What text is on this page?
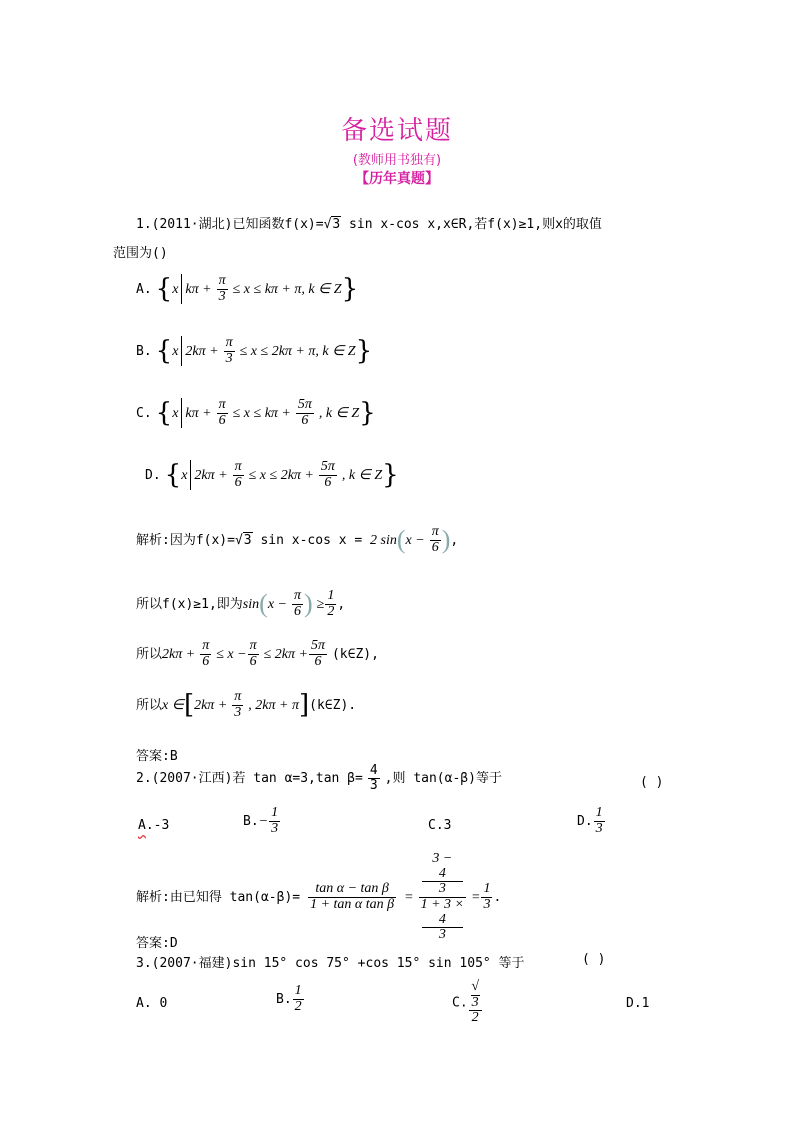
备选试题
(教师用书独有)
【历年真题】
1.(2011·湖北)已知函数f(x)=√3 sin x-cos x,x∈R,若f(x)≥1,则x的取值
范围为()
A. {x $k\pi + \frac{\pi}{3} \le x \le k\pi + \pi$, k ∈ Z}
B. {x $2k\pi + \frac{\pi}{3} \le x \le 2k\pi + \pi$, k ∈ Z}
C. {x $k\pi + \frac{\pi}{6} \le x \le k\pi + \frac{5\pi}{6}$ , k ∈ Z}
D. {x $2k\pi + \frac{\pi}{6} \le x \le 2k\pi + \frac{5\pi}{6}$ , k ∈ Z}
解析:因为f(x)=√3 sin x-cos x = 2 $\sin(x - \frac{\pi}{6}$ ),
所以f(x)≥1,即为$\sin(x - \frac{\pi}{6}$ ) ≥ $\frac{1}{2}$ ,
所以$2k\pi + \frac{\pi}{6} \le x - \frac{\pi}{6} \le 2k\pi + \frac{5\pi}{6}$ (k∈Z),
所以x ∈[2kπ + $\frac{\pi}{3}$ , 2kπ + π](k∈Z).
答案:B
2.(2007·江西)若 tan α=3,tan $\beta= \frac{4}{3}$ ,则 tan(α-β)等于	( )

A.-3	$B.- \frac{1}{3}$	C.3	D. $\frac{1}{3}$
解析:由已知得 $\tan(\alpha-\beta)= \frac{\text{tan α − tan β}}{\text{1 + tan α tan β}} = 3$ −
4
3
1 + 3 ×
4
$3 = \frac{1}{3}$ .
答案:D
3.(2007·福建)sin 15° cos 75° +cos 15° sin 105° 等于	( )
A. 0	B. $\frac{1}{2}$	C. √
3
2	D.1
